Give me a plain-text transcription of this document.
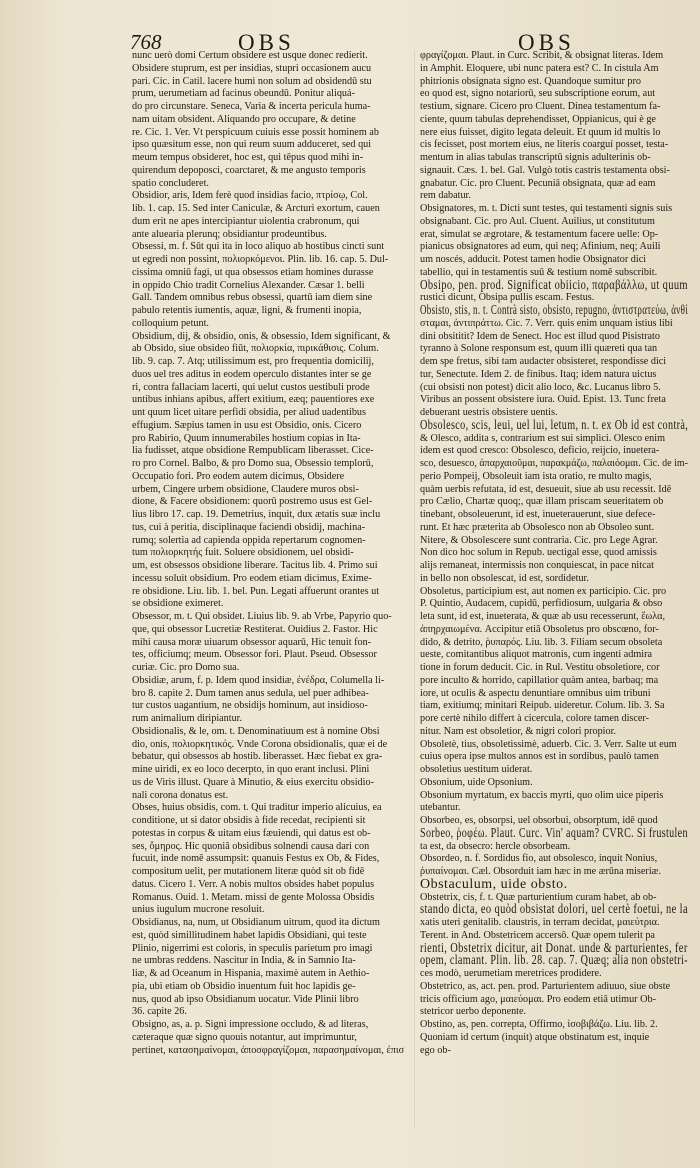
768	OBS	OBS
nunc uerò domi Certum obsidere est usque donec redierit.
Obsidere stuprum, est per insidias, stupri occasionem aucu
pari. Cic. in Catil. lacere humi non solum ad obsidendū stu
prum, uerumetiam ad facinus obeundū. Ponitur aliquá-
do pro circunstare. Seneca, Varia & incerta pericula huma-
nam uitam obsident. Aliquando pro occupare, & detine
re. Cic. 1. Ver. Vt perspicuum cuiuis esse possit hominem ab
ipso quæsitum esse, non qui reum suum adduceret, sed qui
meum tempus obsideret, hoc est, qui tēpus quod mihi in-
quirendum depoposci, coarctaret, & me angusto temporis
spatio concluderet.
Obsidior, aris, Idem ferè quod insidias facio, πτρίσῳ, Col.
lib. 1. cap. 15. Sed inter Caniculæ, & Arcturi exortum, cauen
dum erit ne apes intercipiantur uiolentia crabronum, qui
ante aluearia plerunq; obsidiantur prodeuntibus.
Obsessi, m. f. Sūt qui ita in loco aliquo ab hostibus cincti sunt
ut egredi non possint, πολιορκόμενοι. Plin. lib. 16. cap. 5. Dul-
cissima omniū fagi, ut qua obsessos etiam homines durasse
in oppido Chio tradit Cornelius Alexander. Cæsar 1. belli
Gall. Tandem omnibus rebus obsessi, quartū iam diem sine
pabulo retentis iumentis, aquæ, ligni, & frumenti inopia,
colloquium petunt.
Obsidium, dij, & obsidio, onis, & obsessio, Idem significant, &
ab Obsido, siue obsideo fiūt, πολιορκία, πιρικάθισις. Colum.
lib. 9. cap. 7. Atq; utilissimum est, pro frequentia domicilij,
duos uel tres aditus in eodem operculo distantes inter se ge
ri, contra fallaciam lacerti, qui uelut custos uestibuli prode
untibus inhians apibus, affert exitium, eæq; pauentiores exe
unt quum licet uitare perfidi obsidia, per aliud uadentibus
effugium. Sæpius tamen in usu est Obsidio, onis. Cicero
pro Rabirio, Quum innumerabiles hostium copias in Ita-
lia fudisset, atque obsidione Rempublicam liberasset. Cice-
ro pro Cornel. Balbo, & pro Domo sua, Obsessio templorū,
Occupatio fori. Pro eodem autem dicimus, Obsidere
urbem, Cingere urbem obsidione, Claudere muros obsi-
dione, & Facere obsidionem: quorū postremo usus est Gel-
lius libro 17. cap. 19. Demetrius, inquit, dux ætatis suæ inclu
tus, cui à peritia, disciplinaque faciendi obsidij, machina-
rumq; solertia ad capienda oppida repertarum cognomen-
tum πολιορκητής fuit. Soluere obsidionem, uel obsidi-
um, est obsessos obsidione liberare. Tacitus lib. 4. Primo sui
incessu soluit obsidium. Pro eodem etiam dicimus, Exime-
re obsidione. Liu. lib. 1. bel. Pun. Legati affuerunt orantes ut
se obsidione eximeret.
Obsessor, m. t. Qui obsidet. Liuius lib. 9. ab Vrbe, Papyrio quo-
que, qui obsessor Lucretiæ Restiterat. Ouidius 2. Fastor. Hic
mihi causa moræ uiuarum obsessor aquarū, Hic tenuit fon-
tes, officiumq; meum. Obsessor fori. Plaut. Pseud. Obsessor
curiæ. Cic. pro Domo sua.
Obsidiæ, arum, f. p. Idem quod insidiæ, ἐνέδρα, Columella li-
bro 8. capite 2. Dum tamen anus sedula, uel puer adhibea-
tur custos uagantium, ne obsidijs hominum, aut insidioso-
rum animalium diripiantur.
Obsidionalis, & le, om. t. Denominatiuum est à nomine Obsi
dio, onis, πολιορκητικός. Vnde Corona obsidionalis, quæ ei de
bebatur, qui obsessos ab hostib. liberasset. Hæc fiebat ex gra-
mine uiridi, ex eo loco decerpto, in quo erant inclusi. Plini
us de Viris illust. Quare à Minutio, & eius exercitu obsidio-
nali corona donatus est.
Obses, huius obsidis, com. t. Qui traditur imperio alicuius, ea
conditione, ut si dator obsidis à fide recedat, recipienti sit
potestas in corpus & uitam eius fæuiendi, qui datus est ob-
ses, ὅμηρος. Hic quoniā obsidibus solnendi causa dari con
fucuit, inde nomē assumpsit: quanuis Festus ex Ob, & Fides,
compositum uelit, per mutationem literæ quòd sit ob fidē
datus. Cicero 1. Verr. A nobis multos obsides habet populus
Romanus. Ouid. 1. Metam. missi de gente Molossa Obsidis
unius iugulum mucrone resoluit.
Obsidianus, na, num, ut Obsidianum uitrum, quod ita dictum
est, quòd simillitudinem habet lapidis Obsidiani, qui teste
Plinio, nigerrimi est coloris, in speculis parietum pro imagi
ne umbras reddens. Nascitur in India, & in Samnio Ita-
liæ, & ad Oceanum in Hispania, maximè autem in Aethio-
pia, ubi etiam ob Obsidio inuentum fuit hoc lapidis ge-
nus, quod ab ipso Obsidianum uocatur. Vide Plinii libro
36. capite 26.
Obsigno, as, a. p. Signi impressione occludo, & ad literas,
cæteraque quæ signo quouis notantur, aut imprimuntur,
pertinet, κατασημαίνομαι, ἀποσφραγίζομαι, παρασημαίνομαι, ἐπισ
φραγίζομαι. Plaut. in Curc. Scribit, & obsignat literas. Idem
in Amphit. Eloquere, ubi nunc patera est? C. In cistula Am
phitrionis obsignata signo est. Quandoque sumitur pro
eo quod est, signo notariorū, seu subscriptione eorum, aut
testium, signare. Cicero pro Cluent. Dinea testamentum fa-
ciente, quum tabulas deprehendisset, Oppianicus, qui è ge
nere eius fuisset, digito legata deleuit. Et quum id multis lo
cis fecisset, post mortem eius, ne literis coarguí posset, testa-
mentum in alias tabulas transcriptū signis adulterinis ob-
signauit. Cæs. 1. bel. Gal. Vulgò totis castris testamenta obsi-
gnabatur. Cic. pro Cluent. Pecuniā obsignata, quæ ad eam
rem dabatur.
Obsignatores, m. t. Dicti sunt testes, qui testamenti signis suis
obsignabant. Cic. pro Aul. Cluent. Auilius, ut constitutum
erat, simulat se ægrotare, & testamentum facere uelle: Op-
pianicus obsignatores ad eum, qui neq; Afinium, neq; Auili
um noscés, adducit. Potest tamen hodie Obsignator dici
tabellio, qui in testamentis suū & testium nomē subscribit.
Obsipo, pen. prod. Significat obiicio, παραβάλλω, ut quum
rustici dicunt, Obsipa pullis escam. Festus.
Obsisto, stis, n. t. Contrà sisto, obsisto, repugno, ἀντιστρατεύω, ἀνθί
σταμαι, ἀντιπράττω. Cic. 7. Verr. quis enim unquam istius libi
dini obsititit? Idem de Senect. Hoc est illud quod Pisistrato
tyranno à Solone responsum est, quum illi quæreti qua tan
dem spe fretus, sibi tam audacter obsisteret, respondisse dici
tur, Senectute. Idem 2. de finibus. Itaq; idem natura uictus
(cui obsisti non potest) dicit alio loco, &c. Lucanus libro 5.
Viribus an possent obsistere iura. Ouid. Epist. 13. Tunc freta
debuerant uestris obsistere uentis.
Obsolesco, scis, leui, uel lui, letum, n. t. ex Ob id est contrà,
& Olesco, addita s, contrarium est sui simplici. Olesco enim
idem est quod cresco: Obsolesco, deficio, reijcio, inuetera-
sco, desuesco, ἀπαρχαιοῦμαι, παρακμάζω, παλαιόομαι. Cic. de im-
perio Pompeij, Obsoleuit iam ista oratio, re multo magis,
quàm uerbis refutata, id est, desueuit, siue ab usu recessit. Idē
pro Cælio, Chartæ quoq;, quæ illam priscam seueritatem ob
tinebant, obsoleuerunt, id est, inueterauerunt, siue defece-
runt. Et hæc præterita ab Obsolesco non ab Obsoleo sunt.
Nitere, & Obsolescere sunt contraria. Cic. pro Lege Agrar.
Non dico hoc solum in Repub. uectigal esse, quod amissis
alijs remaneat, intermissis non conquiescat, in pace nitcat
in bello non obsolescat, id est, sordidetur.
Obsoletus, participium est, aut nomen ex participio. Cic. pro
P. Quintio, Audacem, cupidū, perfidiosum, uulgaria & obso
leta sunt, id est, inueterata, & quæ ab usu recesserunt, ἕωλα,
ἀπηρχαιωμένα. Accipitur etiā Obsoletus pro obscœno, for-
dido, & detrito, ῥυπαρός. Liu. lib. 3. Filiam secum obsoleta
ueste, comitantibus aliquot matronis, cum ingenti admira
tione in forum deducit. Cic. in Rul. Vestitu obsoletiore, cor
pore inculto & horrido, capillatior quàm antea, barbaq; ma
iore, ut oculis & aspectu denuntiare omnibus uim tribuni
tiam, exitiumq; minitari Reipub. uideretur. Colum. lib. 3. Sa
pore certè nihilo differt à cicercula, colore tamen discer-
nitur. Nam est obsoletior, & nigri colori propior.
Obsoletè, tius, obsoletissimè, aduerb. Cic. 3. Verr. Salte ut eum
cuius opera ipse multos annos est in sordibus, paulò tamen
obsoletius uestitum uiderat.
Obsonium, uide Opsonium.
Obsonium myrtatum, ex baccis myrti, quo olim uice piperis
utebantur.
Obsorbeo, es, obsorpsi, uel obsorbui, obsorptum, idē quod
Sorbeo, ῥοφέω. Plaut. Curc. Vin' aquam? CVRC. Si frustulen
ta est, da obsecro: hercle obsorbeam.
Obsordeo, n. f. Sordidus fio, aut obsolesco, inquit Nonius,
ῥυπαίνομαι. Cæl. Obsorduit iam hæc in me ærūna miseriæ.
Obstaculum, uide obsto.
Obstetrix, cis, f. t. Quæ parturientium curam habet, ab ob-
stando dicta, eo quòd obsistat dolori, uel certè foetui, ne la
xatis uteri genitalib. claustris, in terram decidat, μαιεύτρια.
Terent. in And. Obstetricem accersō. Quæ opem tulerit pa
rienti, Obstetrix dicitur, ait Donat. unde & parturientes, fer
opem, clamant. Plin. lib. 28. cap. 7. Quæq; alia non obstetri-
ces modò, uerumetiam meretrices prodidere.
Obstetrico, as, act. pen. prod. Parturientem adiuuo, siue obste
tricis officium ago, μαιεύομαι. Pro eodem etiā utimur Ob-
stetricor uerbo deponente.
Obstino, as, pen. correpta, Offirmo, ἰσοβιβάζω. Liu. lib. 2.
Quoniam id certum (inquit) atque obstinatum est, inquie
ego ob-
